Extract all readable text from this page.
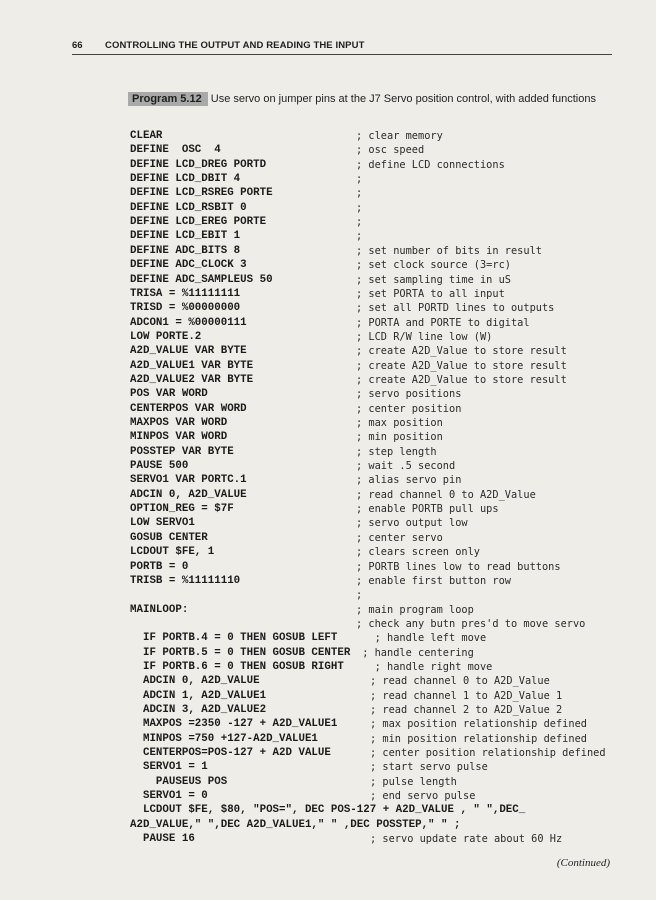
66 CONTROLLING THE OUTPUT AND READING THE INPUT
Program 5.12 Use servo on jumper pins at the J7 Servo position control, with added functions
CLEAR	; clear memory
DEFINE  OSC  4	; osc speed
DEFINE LCD_DREG PORTD	; define LCD connections
DEFINE LCD_DBIT 4	;
DEFINE LCD_RSREG PORTE	;
DEFINE LCD_RSBIT 0	;
DEFINE LCD_EREG PORTE	;
DEFINE LCD_EBIT 1	;
DEFINE ADC_BITS 8	; set number of bits in result
DEFINE ADC_CLOCK 3	; set clock source (3=rc)
DEFINE ADC_SAMPLEUS 50	; set sampling time in uS
TRISA = %11111111	; set PORTA to all input
TRISD = %00000000	; set all PORTD lines to outputs
ADCON1 = %00000111	; PORTA and PORTE to digital
LOW PORTE.2	; LCD R/W line low (W)
A2D_VALUE VAR BYTE	; create A2D_Value to store result
A2D_VALUE1 VAR BYTE	; create A2D_Value to store result
A2D_VALUE2 VAR BYTE	; create A2D_Value to store result
POS VAR WORD	; servo positions
CENTERPOS VAR WORD	; center position
MAXPOS VAR WORD	; max position
MINPOS VAR WORD	; min position
POSSTEP VAR BYTE	; step length
PAUSE 500	; wait .5 second
SERVO1 VAR PORTC.1	; alias servo pin
ADCIN 0, A2D_VALUE	; read channel 0 to A2D_Value
OPTION_REG = $7F	; enable PORTB pull ups
LOW SERVO1	; servo output low
GOSUB CENTER	; center servo
LCDOUT $FE, 1	; clears screen only
PORTB = 0	; PORTB lines low to read buttons
TRISB = %11111110	; enable first button row
;
MAINLOOP:	; main program loop
; check any butn pres'd to move servo
IF PORTB.4 = 0 THEN GOSUB LEFT ; handle left move
IF PORTB.5 = 0 THEN GOSUB CENTER ; handle centering
IF PORTB.6 = 0 THEN GOSUB RIGHT ; handle right move
ADCIN 0, A2D_VALUE	; read channel 0 to A2D_Value
ADCIN 1, A2D_VALUE1	; read channel 1 to A2D_Value 1
ADCIN 3, A2D_VALUE2	; read channel 2 to A2D_Value 2
MAXPOS =2350 -127 + A2D_VALUE1	; max position relationship defined
MINPOS =750 +127-A2D_VALUE1	; min position relationship defined
CENTERPOS=POS-127 + A2D VALUE	; center position relationship defined
SERVO1 = 1	; start servo pulse
PAUSEUS POS	; pulse length
SERVO1 = 0	; end servo pulse
LCDOUT $FE, $80, "POS=", DEC POS-127 + A2D_VALUE , " ",DEC_
A2D_VALUE," ",DEC A2D_VALUE1," " ,DEC POSSTEP," " ;
PAUSE 16	; servo update rate about 60 Hz
(Continued)
